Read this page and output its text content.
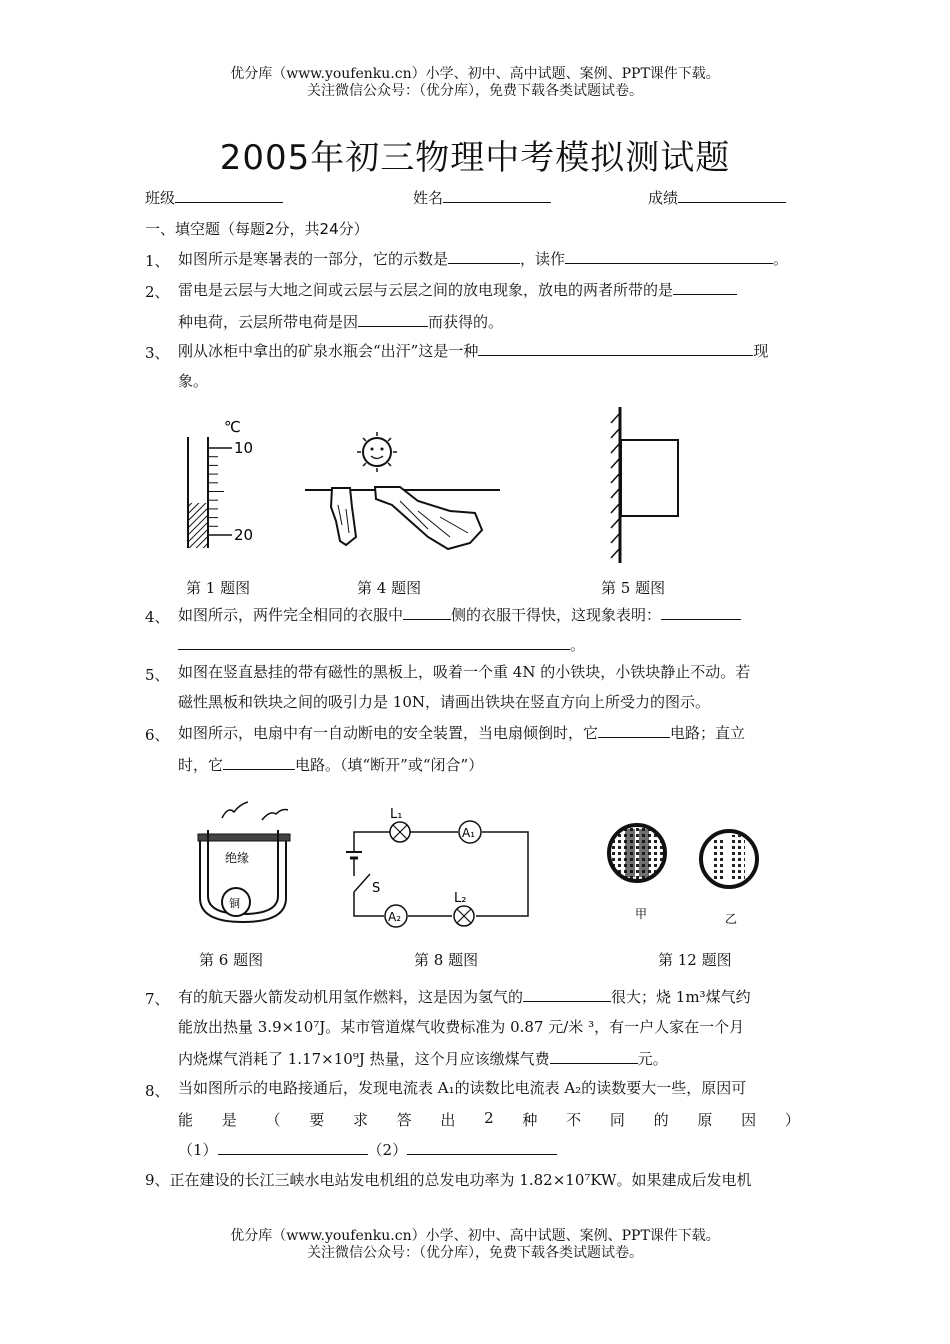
优分库（www.youfenku.cn）小学、初中、高中试题、案例、PPT课件下载。
关注微信公众号：（优分库），免费下载各类试题试卷。
2005年初三物理中考模拟测试题
班级	姓名	成绩
一、填空题（每题2分，共24分）
1、 如图所示是寒暑表的一部分，它的示数是	，读作	。
2、 雷电是云层与大地之间或云层与云层之间的放电现象，放电的两者所带的是
种电荷，云层所带电荷是因	而获得的。
3、 刚从冰柜中拿出的矿泉水瓶会“出汗”这是一种	现
象。
℃
10
20
第 1 题图	第 4 题图	第 5 题图
4、 如图所示，两件完全相同的衣服中	侧的衣服干得快，这现象表明：
。
5、 如图在竖直悬挂的带有磁性的黑板上，吸着一个重 4N 的小铁块，小铁块静止不动。若
磁性黑板和铁块之间的吸引力是 10N，请画出铁块在竖直方向上所受力的图示。
6、 如图所示，电扇中有一自动断电的安全装置，当电扇倾倒时，它	电路；直立
时，它	电路。（填“断开”或“闭合”）
绝缘
铜
L₁
A₁
L₂
A₂
S
甲	乙
第 6 题图	第 8 题图	第 12 题图
7、 有的航天器火箭发动机用氢作燃料，这是因为氢气的	很大；烧 1m³煤气约
能放出热量 3.9×10⁷J。某市管道煤气收费标准为 0.87 元/米 ³，有一户人家在一个月
内烧煤气消耗了 1.17×10⁹J 热量，这个月应该缴煤气费	元。
8、 当如图所示的电路接通后，发现电流表 A₁的读数比电流表 A₂的读数要大一些，原因可
能 是 （ 要 求 答 出 2 种 不 同 的 原 因 ）
（1）	（2）
9、正在建设的长江三峡水电站发电机组的总发电功率为 1.82×10⁷KW。如果建成后发电机
优分库（www.youfenku.cn）小学、初中、高中试题、案例、PPT课件下载。
关注微信公众号：（优分库），免费下载各类试题试卷。
